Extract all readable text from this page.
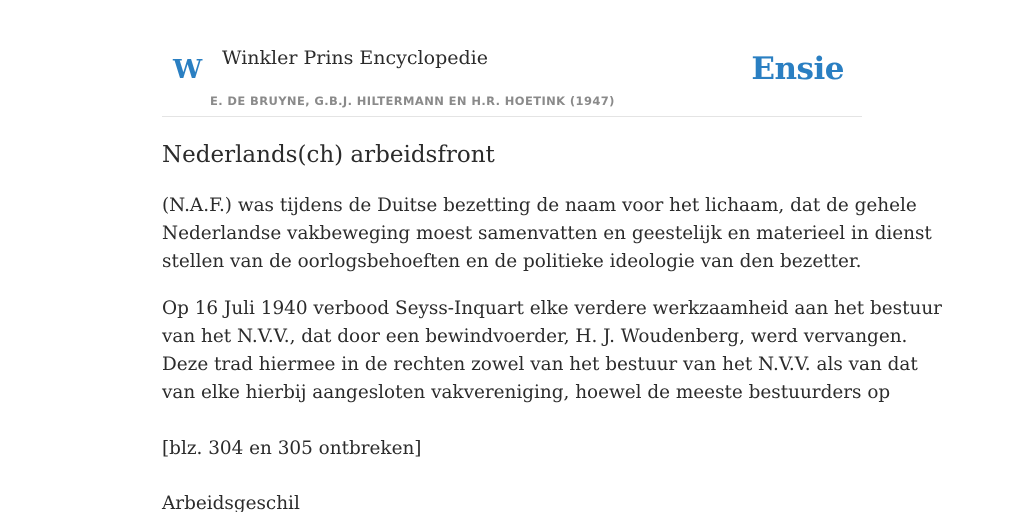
W Winkler Prins Encyclopedie
E. DE BRUYNE, G.B.J. HILTERMANN EN H.R. HOETINK (1947)
Ensie
Nederlands(ch) arbeidsfront
(N.A.F.) was tijdens de Duitse bezetting de naam voor het lichaam, dat de gehele
Nederlandse vakbeweging moest samenvatten en geestelijk en materieel in dienst
stellen van de oorlogsbehoeften en de politieke ideologie van den bezetter.
Op 16 Juli 1940 verbood Seyss-Inquart elke verdere werkzaamheid aan het bestuur
van het N.V.V., dat door een bewindvoerder, H. J. Woudenberg, werd vervangen.
Deze trad hiermee in de rechten zowel van het bestuur van het N.V.V. als van dat
van elke hierbij aangesloten vakvereniging, hoewel de meeste bestuurders op
[blz. 304 en 305 ontbreken]
Arbeidsgeschil
